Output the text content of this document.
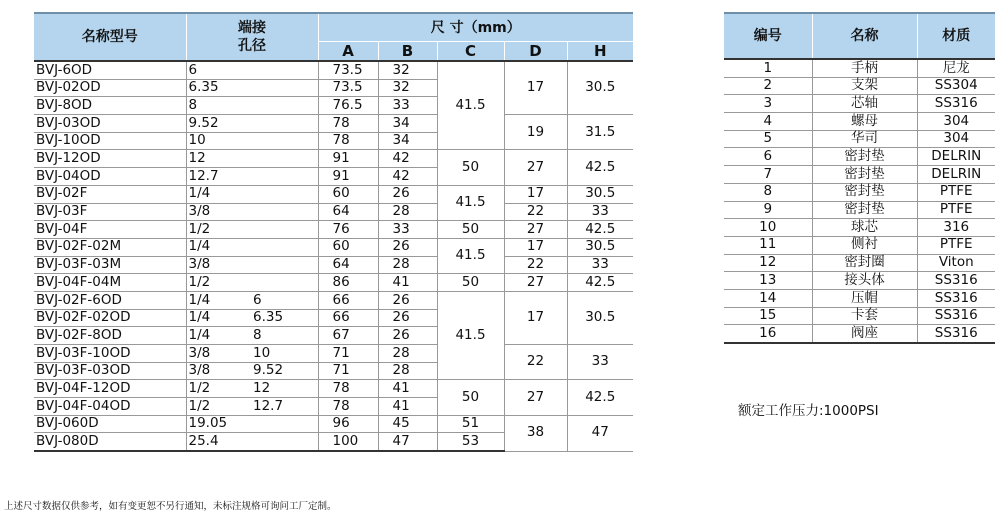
名称型号	端接
孔径		尺 寸（mm）				
			A	B	C	D	H
BVJ-6OD	6		73.5	32	41.5	17	30.5
BVJ-02OD	6.35		73.5	32			
BVJ-8OD	8		76.5	33			
BVJ-03OD	9.52		78	34		19	31.5
BVJ-10OD	10		78	34			
BVJ-12OD	12		91	42	50	27	42.5
BVJ-04OD	12.7		91	42			
BVJ-02F	1/4		60	26	41.5	17	30.5
BVJ-03F	3/8		64	28		22	33
BVJ-04F	1/2		76	33	50	27	42.5
BVJ-02F-02M	1/4		60	26	41.5	17	30.5
BVJ-03F-03M	3/8		64	28		22	33
BVJ-04F-04M	1/2		86	41	50	27	42.5
BVJ-02F-6OD	1/4	6	66	26	41.5	17	30.5
BVJ-02F-02OD	1/4	6.35	66	26			
BVJ-02F-8OD	1/4	8	67	26			
BVJ-03F-10OD	3/8	10	71	28		22	33
BVJ-03F-03OD	3/8	9.52	71	28			
BVJ-04F-12OD	1/2	12	78	41	50	27	42.5
BVJ-04F-04OD	1/2	12.7	78	41			
BVJ-060D	19.05		96	45	51	38	47
BVJ-080D	25.4		100	47	53		
编号	名称	材质
1	手柄	尼龙
2	支架	SS304
3	芯轴	SS316
4	螺母	304
5	华司	304
6	密封垫	DELRIN
7	密封垫	DELRIN
8	密封垫	PTFE
9	密封垫	PTFE
10	球芯	316
11	侧衬	PTFE
12	密封圈	Viton
13	接头体	SS316
14	压帽	SS316
15	卡套	SS316
16	阀座	SS316
额定工作压力:1000PSI
上述尺寸数据仅供参考，如有变更恕不另行通知，未标注规格可询问工厂定制。
